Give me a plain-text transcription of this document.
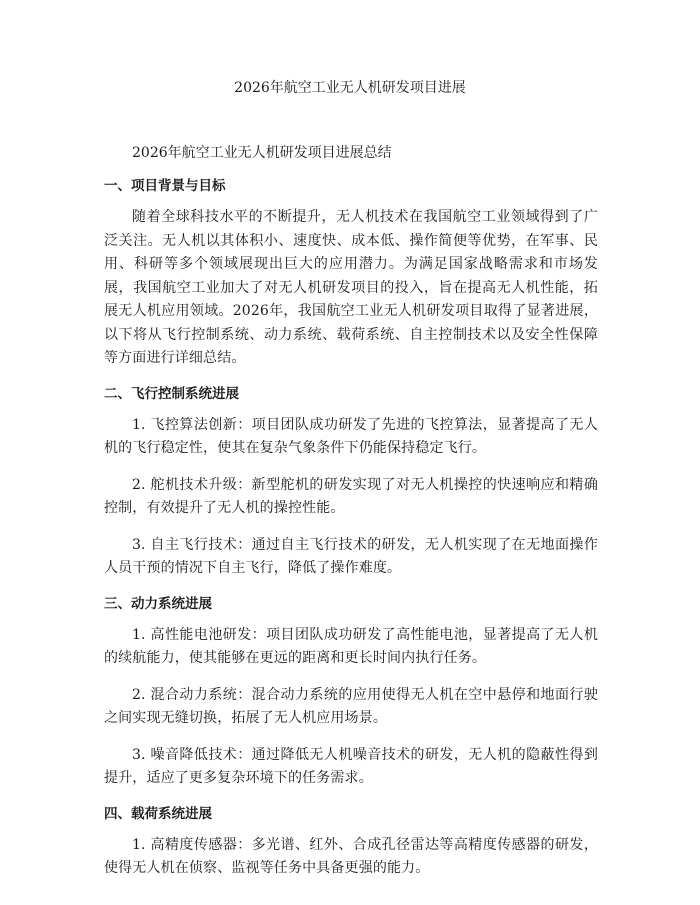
2026年航空工业无人机研发项目进展

2026年航空工业无人机研发项目进展总结

一、项目背景与目标

随着全球科技水平的不断提升，无人机技术在我国航空工业领域得到了广泛关注。无人机以其体积小、速度快、成本低、操作简便等优势，在军事、民用、科研等多个领域展现出巨大的应用潜力。为满足国家战略需求和市场发展，我国航空工业加大了对无人机研发项目的投入，旨在提高无人机性能，拓展无人机应用领域。2026年，我国航空工业无人机研发项目取得了显著进展，以下将从飞行控制系统、动力系统、载荷系统、自主控制技术以及安全性保障等方面进行详细总结。

二、飞行控制系统进展

1. 飞控算法创新：项目团队成功研发了先进的飞控算法，显著提高了无人机的飞行稳定性，使其在复杂气象条件下仍能保持稳定飞行。

2. 舵机技术升级：新型舵机的研发实现了对无人机操控的快速响应和精确控制，有效提升了无人机的操控性能。

3. 自主飞行技术：通过自主飞行技术的研发，无人机实现了在无地面操作人员干预的情况下自主飞行，降低了操作难度。

三、动力系统进展

1. 高性能电池研发：项目团队成功研发了高性能电池，显著提高了无人机的续航能力，使其能够在更远的距离和更长时间内执行任务。

2. 混合动力系统：混合动力系统的应用使得无人机在空中悬停和地面行驶之间实现无缝切换，拓展了无人机应用场景。

3. 噪音降低技术：通过降低无人机噪音技术的研发，无人机的隐蔽性得到提升，适应了更多复杂环境下的任务需求。

四、载荷系统进展

1. 高精度传感器：多光谱、红外、合成孔径雷达等高精度传感器的研发，使得无人机在侦察、监视等任务中具备更强的能力。
